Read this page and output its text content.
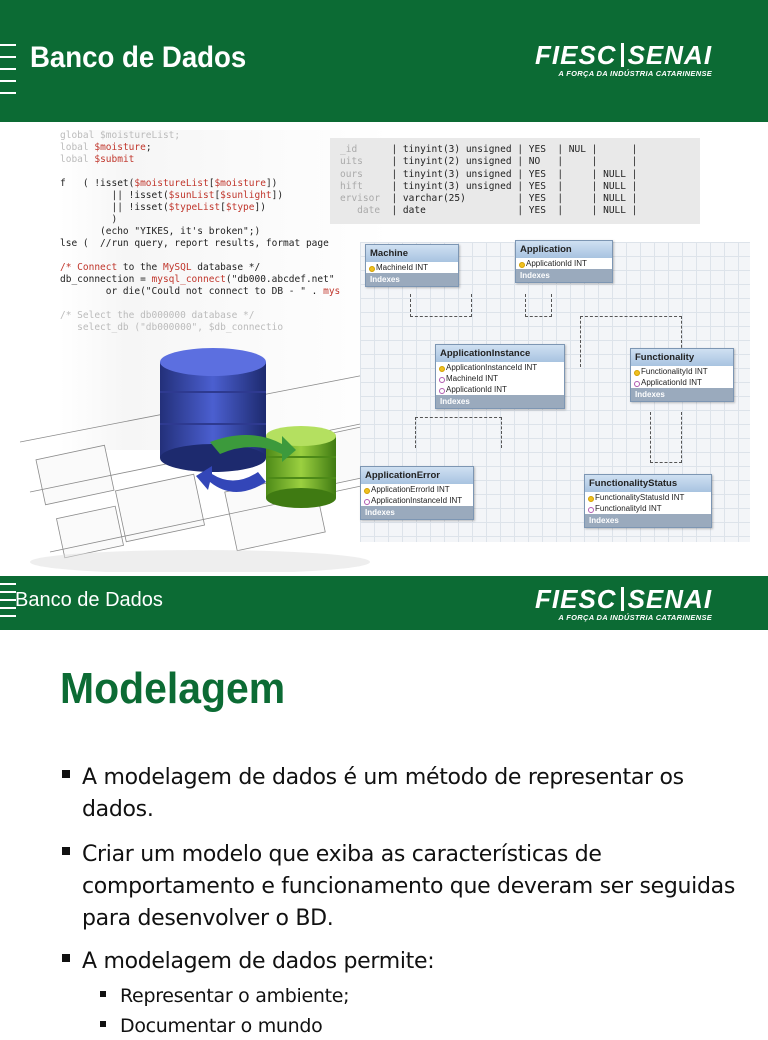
Banco de Dados	FIESC SENAI
A FORÇA DA INDÚSTRIA CATARINENSE
global $moistureList;
lobal $moisture;
lobal $submit

f   ( !isset($moistureList[$moisture])
|| !isset($sunList[$sunlight])
|| !isset($typeList[$type])
)
(echo "YIKES, it's broken";)
lse (  //run query, report results, format page

/* Connect to the MySQL database */
db_connection = mysql_connect("db000.abcdef.net"
or die("Could not connect to DB - " . mys

/* Select the db000000 database */
select_db ("db000000", $db_connectio
_id      | tinyint(3) unsigned | YES  | NUL |      |
uits     | tinyint(2) unsigned | NO   |     |      |
ours     | tinyint(3) unsigned | YES  |     | NULL |
hift     | tinyint(3) unsigned | YES  |     | NULL |
ervisor  | varchar(25)         | YES  |     | NULL |
date  | date                | YES  |     | NULL |
Machine
MachineId INT
Indexes
Application
ApplicationId INT
Indexes
ApplicationInstance
ApplicationInstanceId INT
MachineId INT
ApplicationId INT
Indexes
Functionality
FunctionalityId INT
ApplicationId INT
Indexes
ApplicationError
ApplicationErrorId INT
ApplicationInstanceId INT
Indexes
FunctionalityStatus
FunctionalityStatusId INT
FunctionalityId INT
Indexes
Banco de Dados	FIESC SENAI
A FORÇA DA INDÚSTRIA CATARINENSE
Modelagem
A modelagem de dados é um método de representar os dados.
Criar um modelo que exiba as características de comportamento e funcionamento que deveram ser seguidas para desenvolver o BD.
A modelagem de dados permite:
Representar o ambiente;
Documentar o mundo
